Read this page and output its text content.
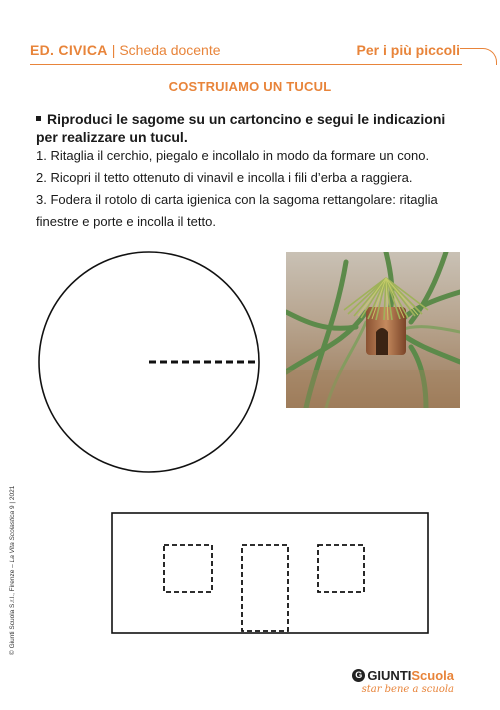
ED. CIVICA | Scheda docente	Per i più piccoli
COSTRUIAMO UN TUCUL
Riproduci le sagome su un cartoncino e segui le indicazioni per realizzare un tucul.

1. Ritaglia il cerchio, piegalo e incollalo in modo da formare un cono.

2. Ricopri il tetto ottenuto di vinavil e incolla i fili d’erba a raggiera.

3. Fodera il rotolo di carta igienica con la sagoma rettangolare: ritaglia finestre e porte e incolla il tetto.

© Giunti Scuola S.r.l., Firenze – La Vita Scolastica 9 | 2021
G GIUNTIScuola
star bene a scuola
